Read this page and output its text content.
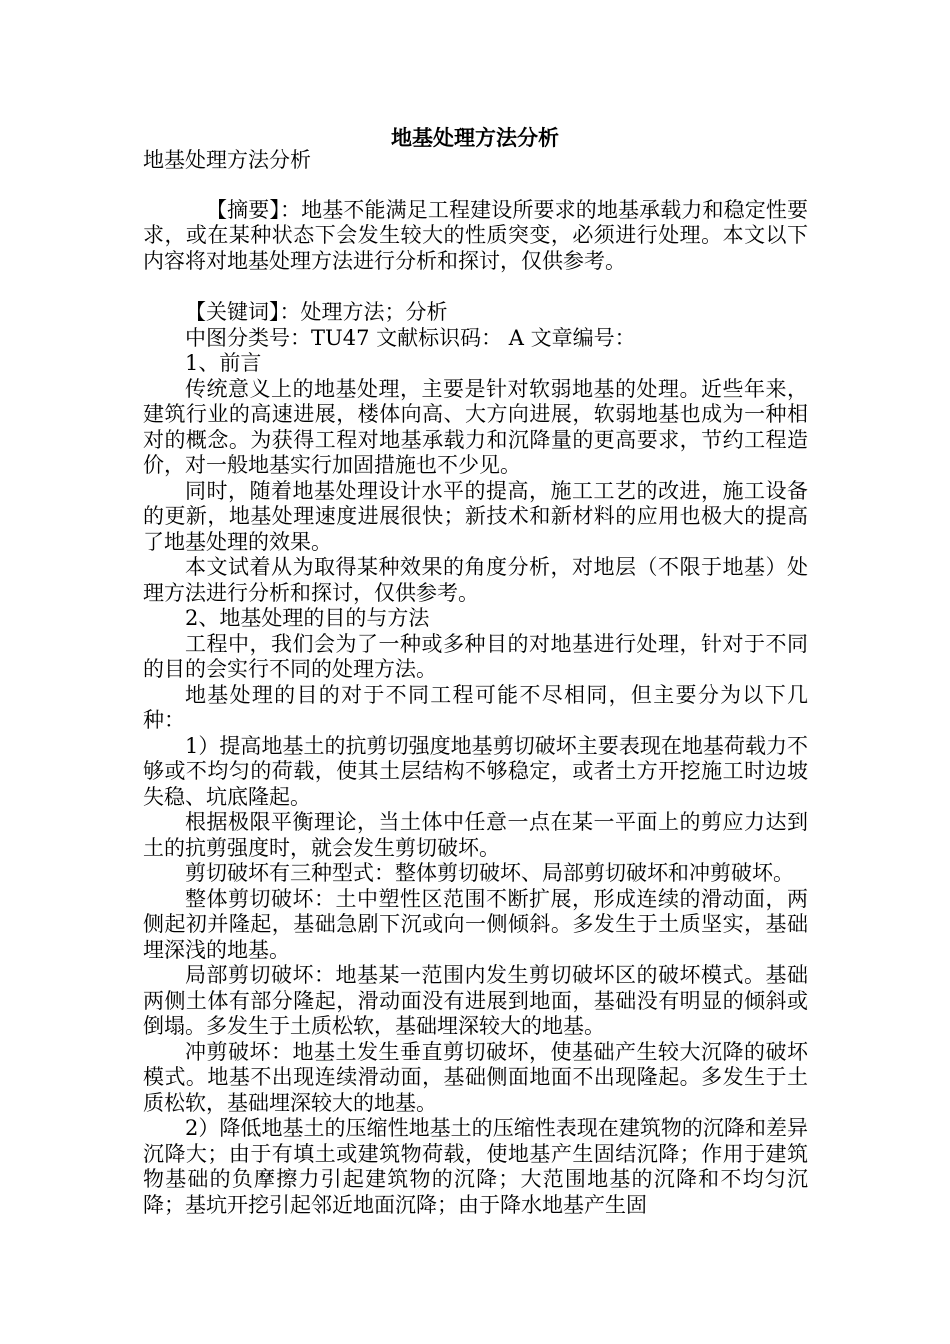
地基处理方法分析

地基处理方法分析

【摘要】：地基不能满足工程建设所要求的地基承载力和稳定性要求，或在某种状态下会发生较大的性质突变，必须进行处理。本文以下内容将对地基处理方法进行分析和探讨，仅供参考。

【关键词】：处理方法；分析

中图分类号：TU47 文献标识码： A 文章编号：

1、前言

传统意义上的地基处理，主要是针对软弱地基的处理。近些年来，建筑行业的高速进展，楼体向高、大方向进展，软弱地基也成为一种相对的概念。为获得工程对地基承载力和沉降量的更高要求，节约工程造价，对一般地基实行加固措施也不少见。

同时，随着地基处理设计水平的提高，施工工艺的改进，施工设备的更新，地基处理速度进展很快；新技术和新材料的应用也极大的提高了地基处理的效果。

本文试着从为取得某种效果的角度分析，对地层（不限于地基）处理方法进行分析和探讨，仅供参考。

2、地基处理的目的与方法

工程中，我们会为了一种或多种目的对地基进行处理，针对于不同的目的会实行不同的处理方法。

地基处理的目的对于不同工程可能不尽相同，但主要分为以下几种：

1）提高地基土的抗剪切强度地基剪切破坏主要表现在地基荷载力不够或不均匀的荷载，使其土层结构不够稳定，或者土方开挖施工时边坡失稳、坑底隆起。

根据极限平衡理论，当土体中任意一点在某一平面上的剪应力达到土的抗剪强度时，就会发生剪切破坏。

剪切破坏有三种型式：整体剪切破坏、局部剪切破坏和冲剪破坏。

整体剪切破坏：土中塑性区范围不断扩展，形成连续的滑动面，两侧起初并隆起，基础急剧下沉或向一侧倾斜。多发生于土质坚实，基础埋深浅的地基。

局部剪切破坏：地基某一范围内发生剪切破坏区的破坏模式。基础两侧土体有部分隆起，滑动面没有进展到地面，基础没有明显的倾斜或倒塌。多发生于土质松软，基础埋深较大的地基。

冲剪破坏：地基土发生垂直剪切破坏，使基础产生较大沉降的破坏模式。地基不出现连续滑动面，基础侧面地面不出现隆起。多发生于土质松软，基础埋深较大的地基。

2）降低地基土的压缩性地基土的压缩性表现在建筑物的沉降和差异沉降大；由于有填土或建筑物荷载，使地基产生固结沉降；作用于建筑物基础的负摩擦力引起建筑物的沉降；大范围地基的沉降和不均匀沉降；基坑开挖引起邻近地面沉降；由于降水地基产生固
